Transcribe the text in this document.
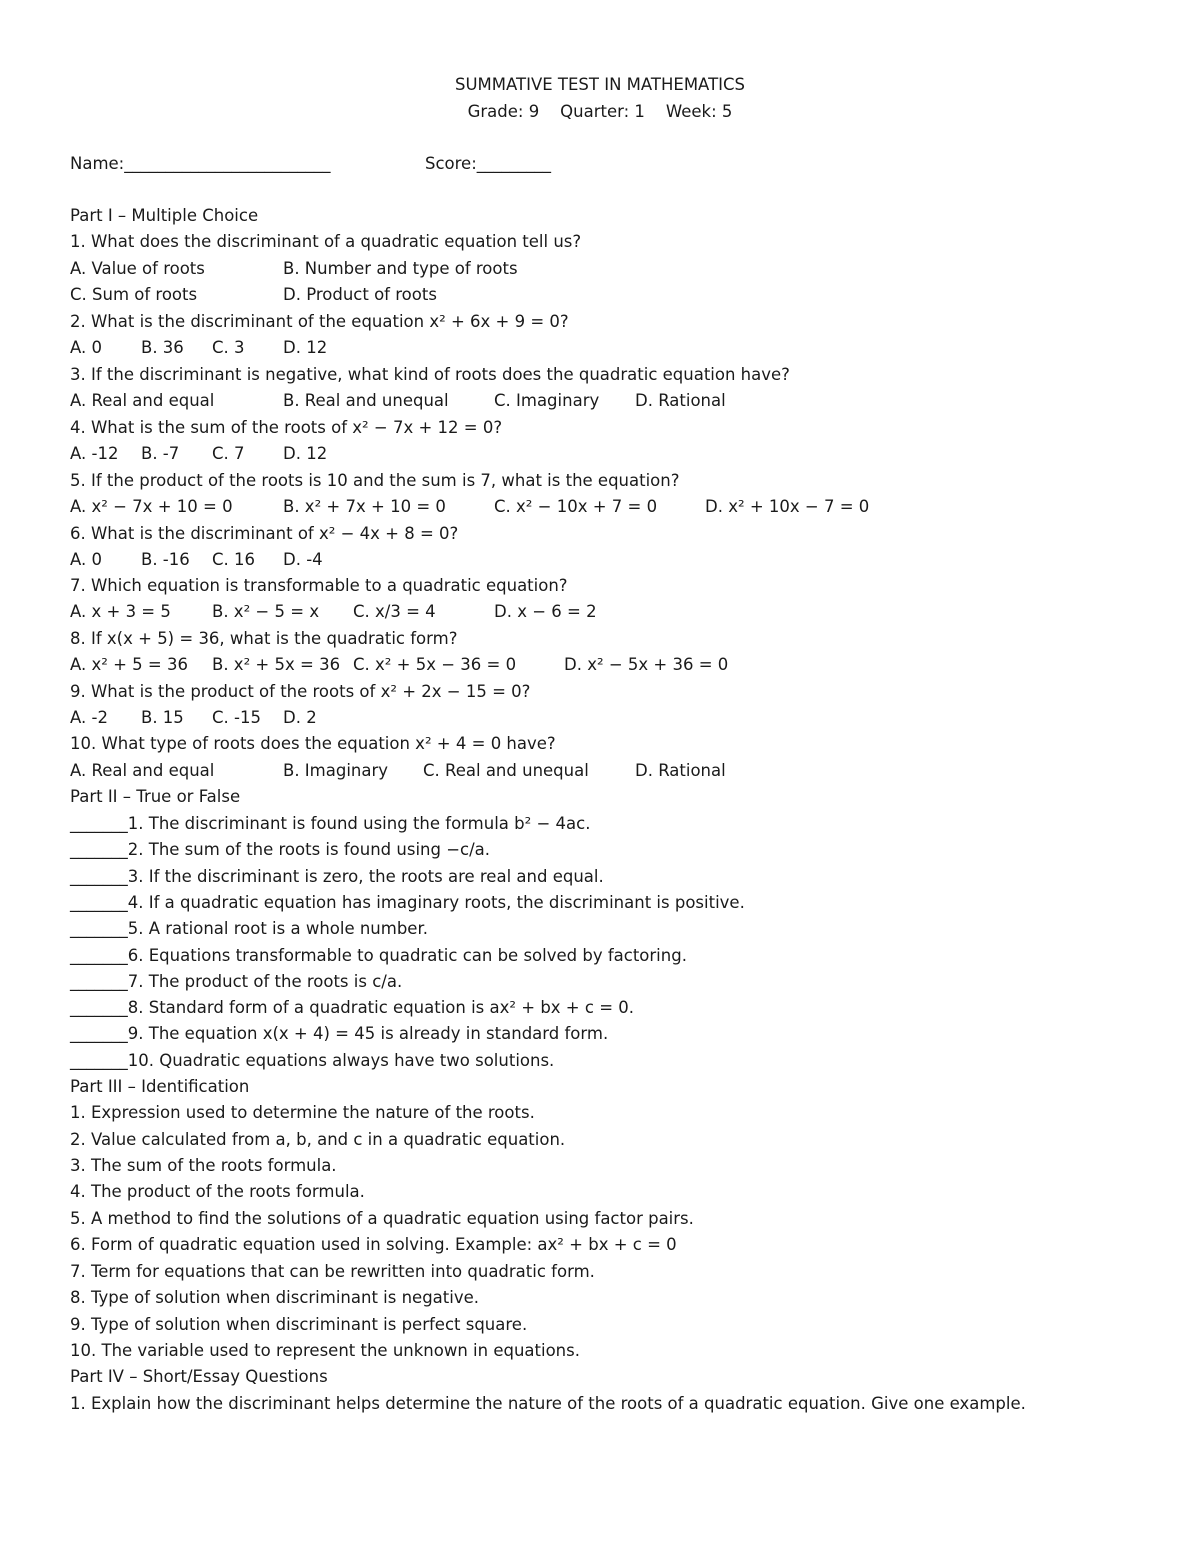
SUMMATIVE TEST IN MATHEMATICS
Grade: 9    Quarter: 1    Week: 5
Name:_________________________	Score:_________
Part I – Multiple Choice
1. What does the discriminant of a quadratic equation tell us?
A. Value of roots	B. Number and type of roots
C. Sum of roots	D. Product of roots
2. What is the discriminant of the equation x² + 6x + 9 = 0?
A. 0 B. 36 C. 3 D. 12
3. If the discriminant is negative, what kind of roots does the quadratic equation have?
A. Real and equal	B. Real and unequal	C. Imaginary D. Rational
4. What is the sum of the roots of x² − 7x + 12 = 0?
A. -12 B. -7 C. 7 D. 12
5. If the product of the roots is 10 and the sum is 7, what is the equation?
A. x² − 7x + 10 = 0	B. x² + 7x + 10 = 0	C. x² − 10x + 7 = 0	D. x² + 10x − 7 = 0
6. What is the discriminant of x² − 4x + 8 = 0?
A. 0 B. -16 C. 16 D. -4
7. Which equation is transformable to a quadratic equation?
A. x + 3 = 5 B. x² − 5 = x C. x/3 = 4	D. x − 6 = 2
8. If x(x + 5) = 36, what is the quadratic form?
A. x² + 5 = 36 B. x² + 5x = 36 C. x² + 5x − 36 = 0	D. x² − 5x + 36 = 0
9. What is the product of the roots of x² + 2x − 15 = 0?
A. -2 B. 15 C. -15 D. 2
10. What type of roots does the equation x² + 4 = 0 have?
A. Real and equal	B. Imaginary C. Real and unequal	D. Rational
Part II – True or False
_______1. The discriminant is found using the formula b² − 4ac.
_______2. The sum of the roots is found using −c/a.
_______3. If the discriminant is zero, the roots are real and equal.
_______4. If a quadratic equation has imaginary roots, the discriminant is positive.
_______5. A rational root is a whole number.
_______6. Equations transformable to quadratic can be solved by factoring.
_______7. The product of the roots is c/a.
_______8. Standard form of a quadratic equation is ax² + bx + c = 0.
_______9. The equation x(x + 4) = 45 is already in standard form.
_______10. Quadratic equations always have two solutions.
Part III – Identification
1. Expression used to determine the nature of the roots.
2. Value calculated from a, b, and c in a quadratic equation.
3. The sum of the roots formula.
4. The product of the roots formula.
5. A method to find the solutions of a quadratic equation using factor pairs.
6. Form of quadratic equation used in solving. Example: ax² + bx + c = 0
7. Term for equations that can be rewritten into quadratic form.
8. Type of solution when discriminant is negative.
9. Type of solution when discriminant is perfect square.
10. The variable used to represent the unknown in equations.
Part IV – Short/Essay Questions
1. Explain how the discriminant helps determine the nature of the roots of a quadratic equation. Give one example.
